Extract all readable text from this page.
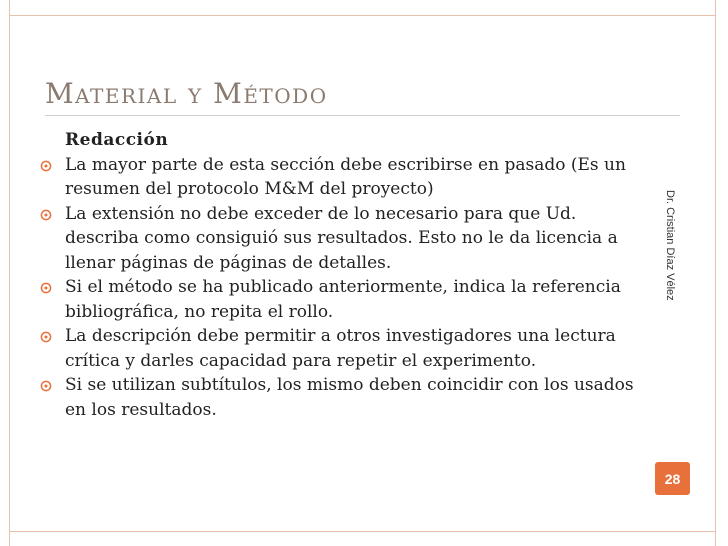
Material y Método
Redacción
La mayor parte de esta sección debe escribirse en pasado (Es un resumen del protocolo M&M del proyecto)
La extensión no debe exceder de lo necesario para que Ud. describa como consiguió sus resultados. Esto no le da licencia a llenar páginas de páginas de detalles.
Si el método se ha publicado anteriormente, indica la referencia bibliográfica, no repita el rollo.
La descripción debe permitir a otros investigadores una lectura crítica y darles capacidad para repetir el experimento.
Si se utilizan subtítulos, los mismo deben coincidir con los usados en los resultados.
Dr. Cristian Díaz Vélez
28
